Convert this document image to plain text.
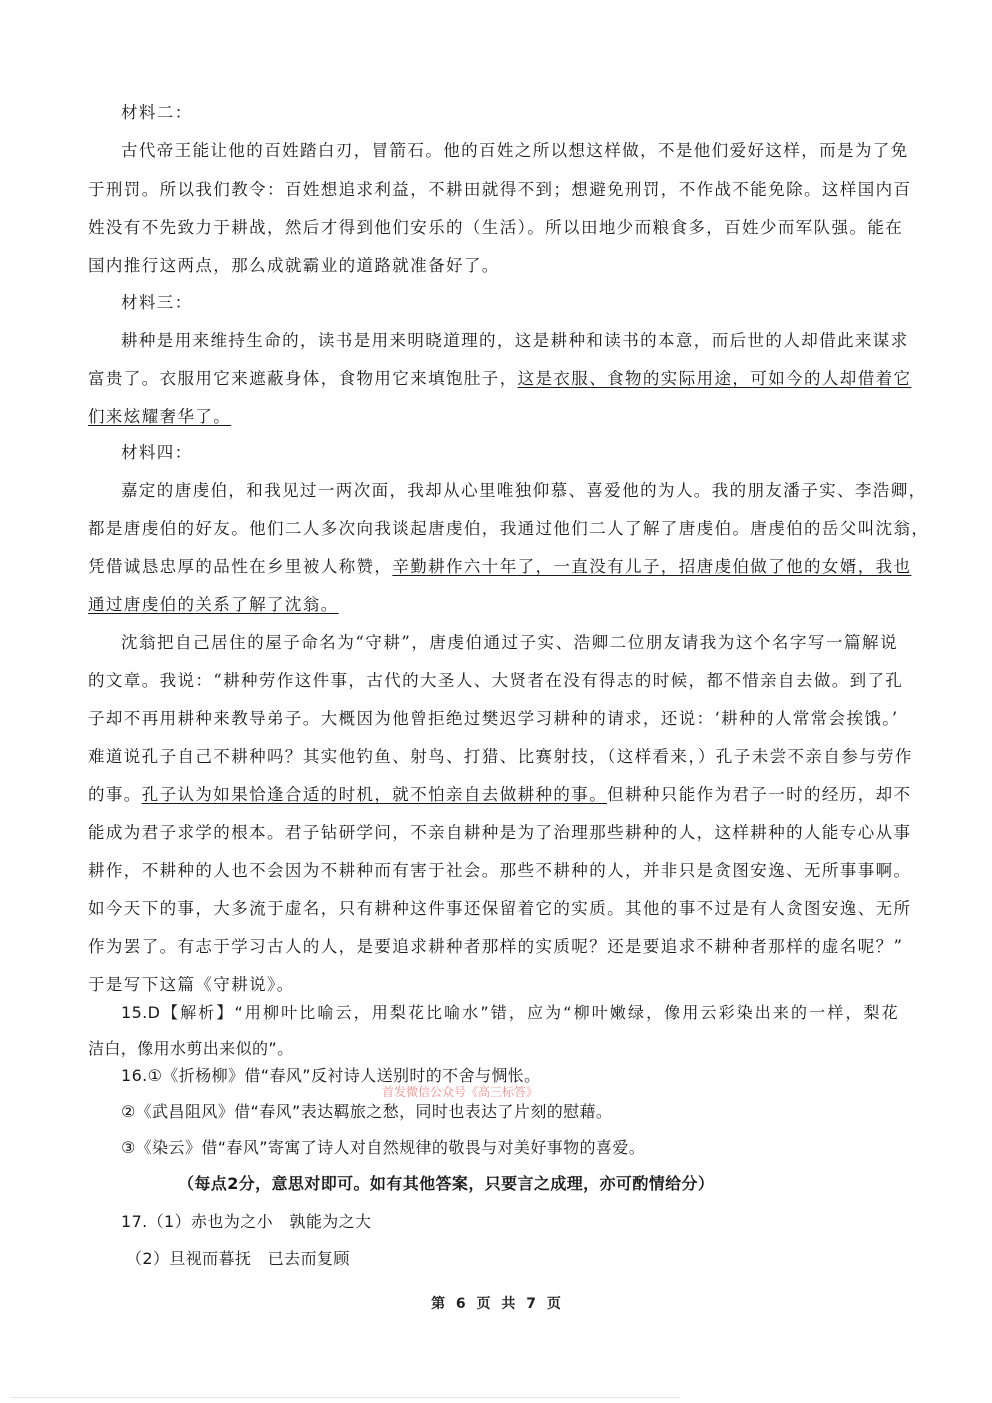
材料二：
古代帝王能让他的百姓踏白刃，冒箭石。他的百姓之所以想这样做，不是他们爱好这样，而是为了免
于刑罚。所以我们教令：百姓想追求利益，不耕田就得不到；想避免刑罚，不作战不能免除。这样国内百
姓没有不先致力于耕战，然后才得到他们安乐的（生活）。所以田地少而粮食多，百姓少而军队强。能在
国内推行这两点，那么成就霸业的道路就准备好了。
材料三：
耕种是用来维持生命的，读书是用来明晓道理的，这是耕种和读书的本意，而后世的人却借此来谋求
富贵了。衣服用它来遮蔽身体，食物用它来填饱肚子，这是衣服、食物的实际用途，可如今的人却借着它
们来炫耀奢华了。
材料四：
嘉定的唐虔伯，和我见过一两次面，我却从心里唯独仰慕、喜爱他的为人。我的朋友潘子实、李浩卿，
都是唐虔伯的好友。他们二人多次向我谈起唐虔伯，我通过他们二人了解了唐虔伯。唐虔伯的岳父叫沈翁，
凭借诚恳忠厚的品性在乡里被人称赞，辛勤耕作六十年了，一直没有儿子，招唐虔伯做了他的女婿，我也
通过唐虔伯的关系了解了沈翁。
沈翁把自己居住的屋子命名为“守耕”，唐虔伯通过子实、浩卿二位朋友请我为这个名字写一篇解说
的文章。我说：“耕种劳作这件事，古代的大圣人、大贤者在没有得志的时候，都不惜亲自去做。到了孔
子却不再用耕种来教导弟子。大概因为他曾拒绝过樊迟学习耕种的请求，还说：‘耕种的人常常会挨饿。’
难道说孔子自己不耕种吗？其实他钓鱼、射鸟、打猎、比赛射技，（这样看来，）孔子未尝不亲自参与劳作
的事。孔子认为如果恰逢合适的时机，就不怕亲自去做耕种的事。但耕种只能作为君子一时的经历，却不
能成为君子求学的根本。君子钻研学问，不亲自耕种是为了治理那些耕种的人，这样耕种的人能专心从事
耕作，不耕种的人也不会因为不耕种而有害于社会。那些不耕种的人，并非只是贪图安逸、无所事事啊。
如今天下的事，大多流于虚名，只有耕种这件事还保留着它的实质。其他的事不过是有人贪图安逸、无所
作为罢了。有志于学习古人的人，是要追求耕种者那样的实质呢？还是要追求不耕种者那样的虚名呢？”
于是写下这篇《守耕说》。
15.D【解析】“用柳叶比喻云，用梨花比喻水”错，应为“柳叶嫩绿，像用云彩染出来的一样，梨花
洁白，像用水剪出来似的”。
16.①《折杨柳》借“春风”反衬诗人送别时的不舍与惆怅。
②《武昌阻风》借“春风”表达羁旅之愁，同时也表达了片刻的慰藉。
③《染云》借“春风”寄寓了诗人对自然规律的敬畏与对美好事物的喜爱。
（每点2分，意思对即可。如有其他答案，只要言之成理，亦可酌情给分）
17.（1）赤也为之小　孰能为之大
（2）旦视而暮抚　已去而复顾
首发微信公众号《高三标答》
第 6 页 共 7 页
